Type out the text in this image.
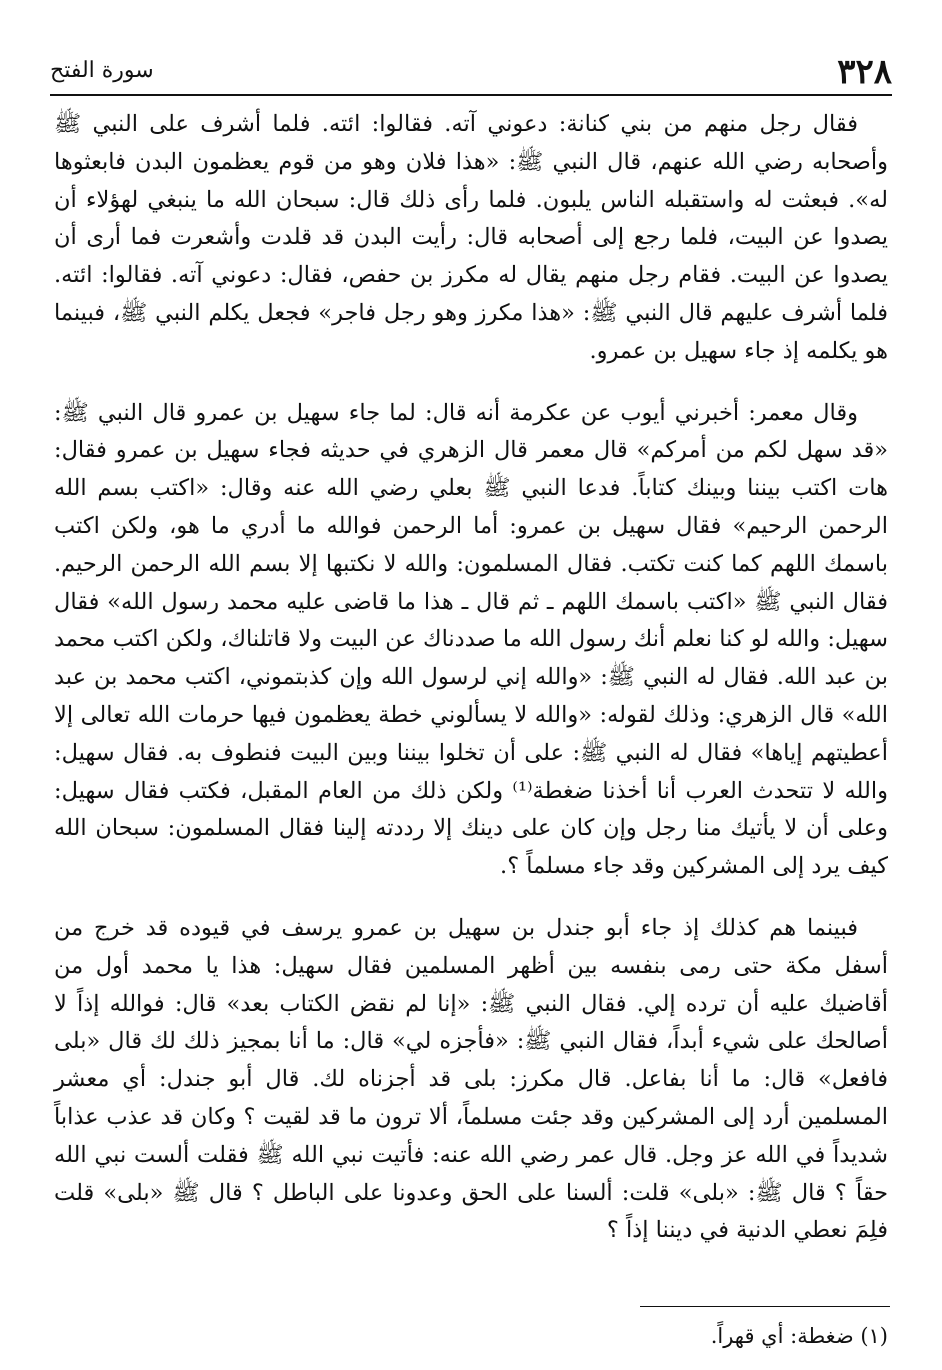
٣٢٨
سورة الفتح

فقال رجل منهم من بني كنانة: دعوني آته. فقالوا: ائته. فلما أشرف على النبي ﷺ وأصحابه رضي الله عنهم، قال النبي ﷺ: «هذا فلان وهو من قوم يعظمون البدن فابعثوها له». فبعثت له واستقبله الناس يلبون. فلما رأى ذلك قال: سبحان الله ما ينبغي لهؤلاء أن يصدوا عن البيت، فلما رجع إلى أصحابه قال: رأيت البدن قد قلدت وأشعرت فما أرى أن يصدوا عن البيت. فقام رجل منهم يقال له مكرز بن حفص، فقال: دعوني آته. فقالوا: ائته. فلما أشرف عليهم قال النبي ﷺ: «هذا مكرز وهو رجل فاجر» فجعل يكلم النبي ﷺ، فبينما هو يكلمه إذ جاء سهيل بن عمرو.

وقال معمر: أخبرني أيوب عن عكرمة أنه قال: لما جاء سهيل بن عمرو قال النبي ﷺ: «قد سهل لكم من أمركم» قال معمر قال الزهري في حديثه فجاء سهيل بن عمرو فقال: هات اكتب بيننا وبينك كتاباً. فدعا النبي ﷺ بعلي رضي الله عنه وقال: «اكتب بسم الله الرحمن الرحيم» فقال سهيل بن عمرو: أما الرحمن فوالله ما أدري ما هو، ولكن اكتب باسمك اللهم كما كنت تكتب. فقال المسلمون: والله لا نكتبها إلا بسم الله الرحمن الرحيم. فقال النبي ﷺ «اكتب باسمك اللهم ـ ثم قال ـ هذا ما قاضى عليه محمد رسول الله» فقال سهيل: والله لو كنا نعلم أنك رسول الله ما صددناك عن البيت ولا قاتلناك، ولكن اكتب محمد بن عبد الله. فقال له النبي ﷺ: «والله إني لرسول الله وإن كذبتموني، اكتب محمد بن عبد الله» قال الزهري: وذلك لقوله: «والله لا يسألوني خطة يعظمون فيها حرمات الله تعالى إلا أعطيتهم إياها» فقال له النبي ﷺ: على أن تخلوا بيننا وبين البيت فنطوف به. فقال سهيل: والله لا تتحدث العرب أنا أخذنا ضغطة⁽¹⁾ ولكن ذلك من العام المقبل، فكتب فقال سهيل: وعلى أن لا يأتيك منا رجل وإن كان على دينك إلا رددته إلينا فقال المسلمون: سبحان الله كيف يرد إلى المشركين وقد جاء مسلماً ؟.

فبينما هم كذلك إذ جاء أبو جندل بن سهيل بن عمرو يرسف في قيوده قد خرج من أسفل مكة حتى رمى بنفسه بين أظهر المسلمين فقال سهيل: هذا يا محمد أول من أقاضيك عليه أن ترده إلي. فقال النبي ﷺ: «إنا لم نقض الكتاب بعد» قال: فوالله إذاً لا أصالحك على شيء أبداً، فقال النبي ﷺ: «فأجزه لي» قال: ما أنا بمجيز ذلك لك قال «بلى فافعل» قال: ما أنا بفاعل. قال مكرز: بلى قد أجزناه لك. قال أبو جندل: أي معشر المسلمين أرد إلى المشركين وقد جئت مسلماً، ألا ترون ما قد لقيت ؟ وكان قد عذب عذاباً شديداً في الله عز وجل. قال عمر رضي الله عنه: فأتيت نبي الله ﷺ فقلت ألست نبي الله حقاً ؟ قال ﷺ: «بلى» قلت: ألسنا على الحق وعدونا على الباطل ؟ قال ﷺ «بلى» قلت فلِمَ نعطي الدنية في ديننا إذاً ؟

(١) ضغطة: أي قهراً.
